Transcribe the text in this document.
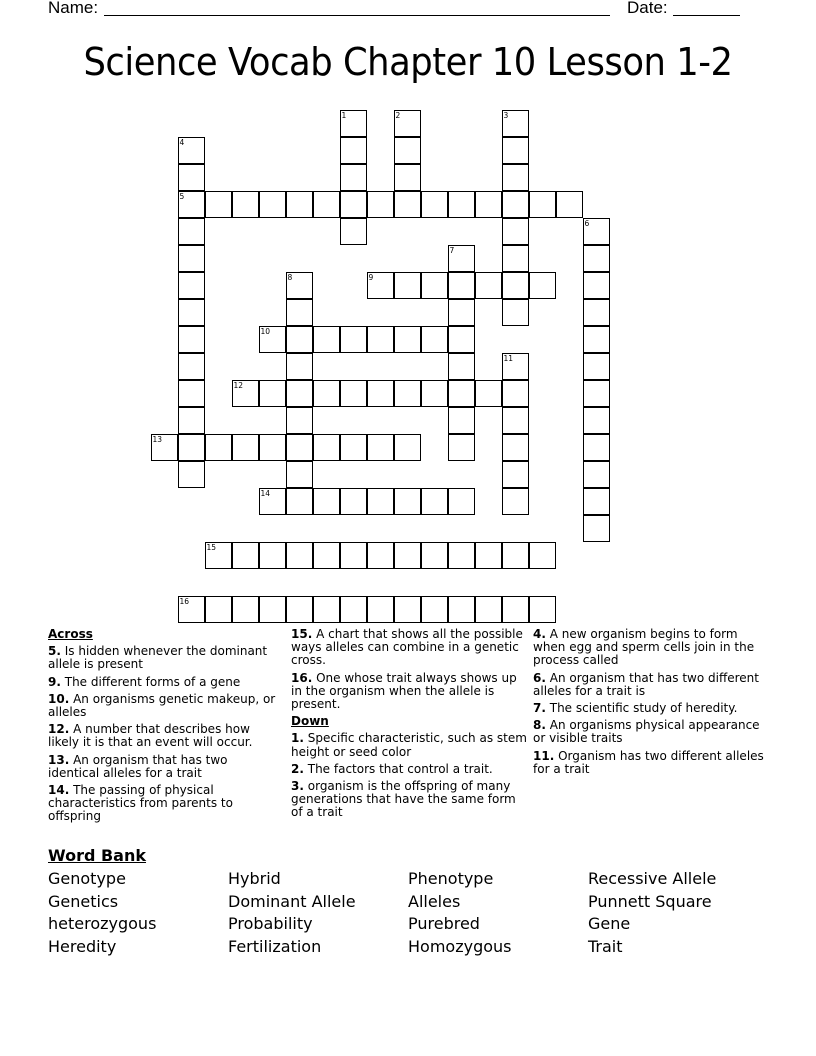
Name:	Date:
Science Vocab Chapter 10 Lesson 1-2
1	2	3
4
5
6
7
8	9
10
11
12
13
14
15
16
Across
5. Is hidden whenever the dominant allele is present
9. The different forms of a gene
10. An organisms genetic makeup, or alleles
12. A number that describes how likely it is that an event will occur.
13. An organism that has two identical alleles for a trait
14. The passing of physical characteristics from parents to offspring
15. A chart that shows all the possible ways alleles can combine in a genetic cross.
16. One whose trait always shows up in the organism when the allele is present.
Down
1. Specific characteristic, such as stem height or seed color
2. The factors that control a trait.
3. organism is the offspring of many generations that have the same form of a trait
4. A new organism begins to form when egg and sperm cells join in the process called
6. An organism that has two different alleles for a trait is
7. The scientific study of heredity.
8. An organisms physical appearance or visible traits
11. Organism has two different alleles for a trait
Word Bank
Genotype	Hybrid	Phenotype	Recessive Allele
Genetics	Dominant Allele	Alleles	Punnett Square
heterozygous	Probability	Purebred	Gene
Heredity	Fertilization	Homozygous	Trait
